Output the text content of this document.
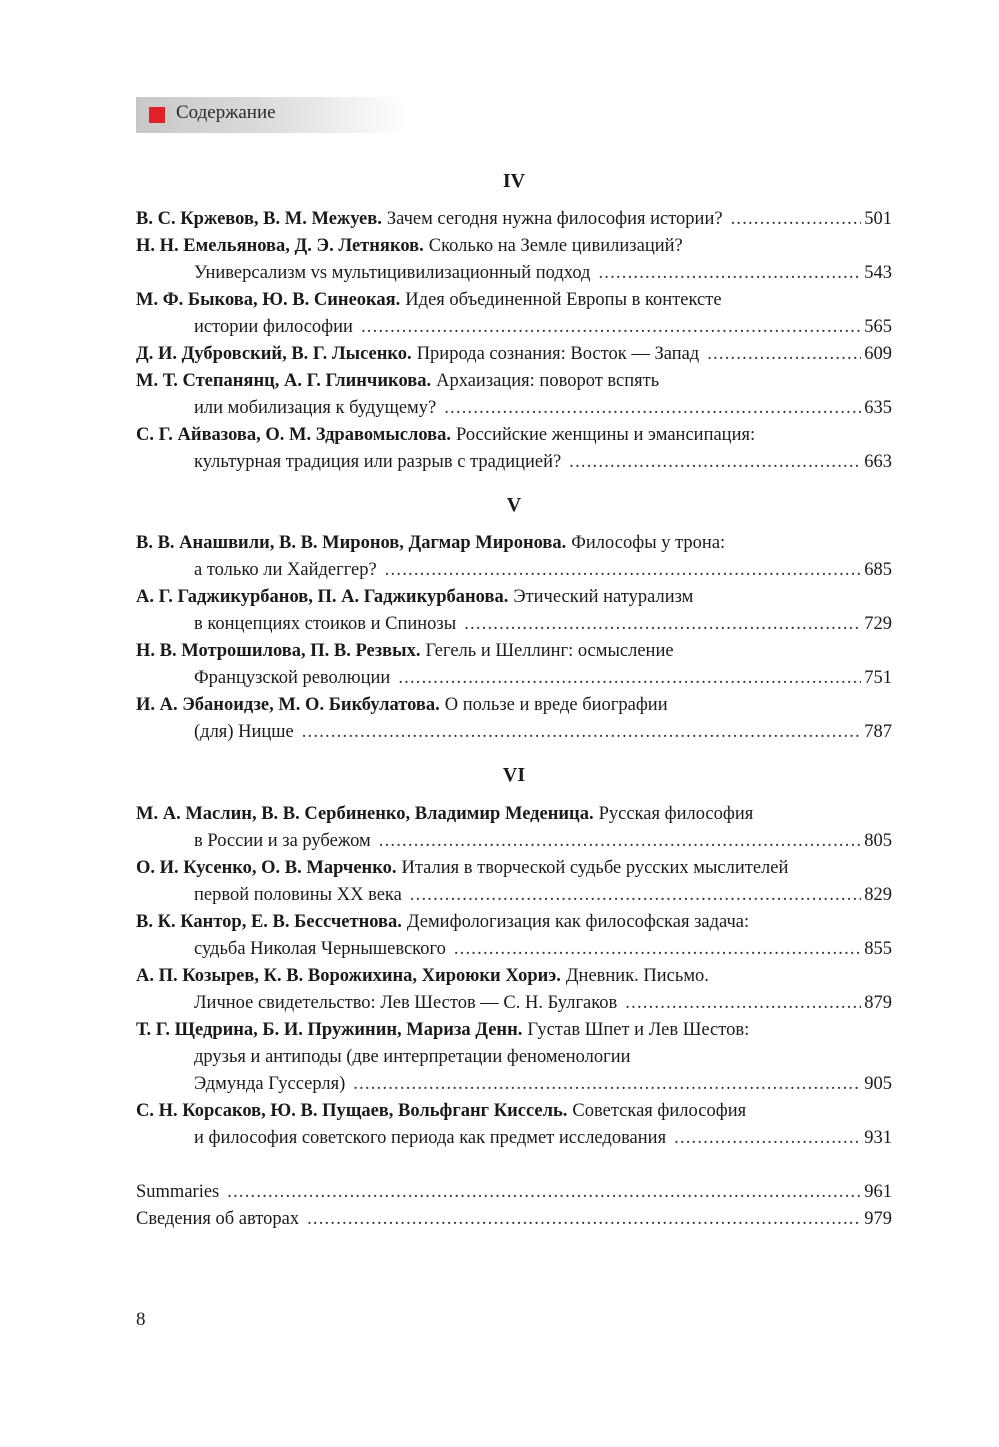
Содержание
IV
В. С. Кржевов, В. М. Межуев. Зачем сегодня нужна философия истории? .....	501
Н. Н. Емельянова, Д. Э. Летняков. Сколько на Земле цивилизаций?
Универсализм vs мультицивилизационный подход .....	543
М. Ф. Быкова, Ю. В. Синеокая. Идея объединенной Европы в контексте
истории философии .....	565
Д. И. Дубровский, В. Г. Лысенко. Природа сознания: Восток — Запад .....	609
М. Т. Степанянц, А. Г. Глинчикова. Архаизация: поворот вспять
или мобилизация к будущему? .....	635
С. Г. Айвазова, О. М. Здравомыслова. Российские женщины и эмансипация:
культурная традиция или разрыв с традицией? .....	663
V
В. В. Анашвили, В. В. Миронов, Дагмар Миронова. Философы у трона:
а только ли Хайдеггер? .....	685
А. Г. Гаджикурбанов, П. А. Гаджикурбанова. Этический натурализм
в концепциях стоиков и Спинозы .....	729
Н. В. Мотрошилова, П. В. Резвых. Гегель и Шеллинг: осмысление
Французской революции .....	751
И. А. Эбаноидзе, М. О. Бикбулатова. О пользе и вреде биографии
(для) Ницше .....	787
VI
М. А. Маслин, В. В. Сербиненко, Владимир Меденица. Русская философия
в России и за рубежом .....	805
О. И. Кусенко, О. В. Марченко. Италия в творческой судьбе русских мыслителей
первой половины XX века .....	829
В. К. Кантор, Е. В. Бессчетнова. Демифологизация как философская задача:
судьба Николая Чернышевского .....	855
А. П. Козырев, К. В. Ворожихина, Хироюки Хориэ. Дневник. Письмо.
Личное свидетельство: Лев Шестов — С. Н. Булгаков .....	879
Т. Г. Щедрина, Б. И. Пружинин, Мариза Денн. Густав Шпет и Лев Шестов:
друзья и антиподы (две интерпретации феноменологии
Эдмунда Гуссерля) .....	905
С. Н. Корсаков, Ю. В. Пущаев, Вольфганг Киссель. Советская философия
и философия советского периода как предмет исследования .....	931
Summaries .....	961
Сведения об авторах .....	979
8
